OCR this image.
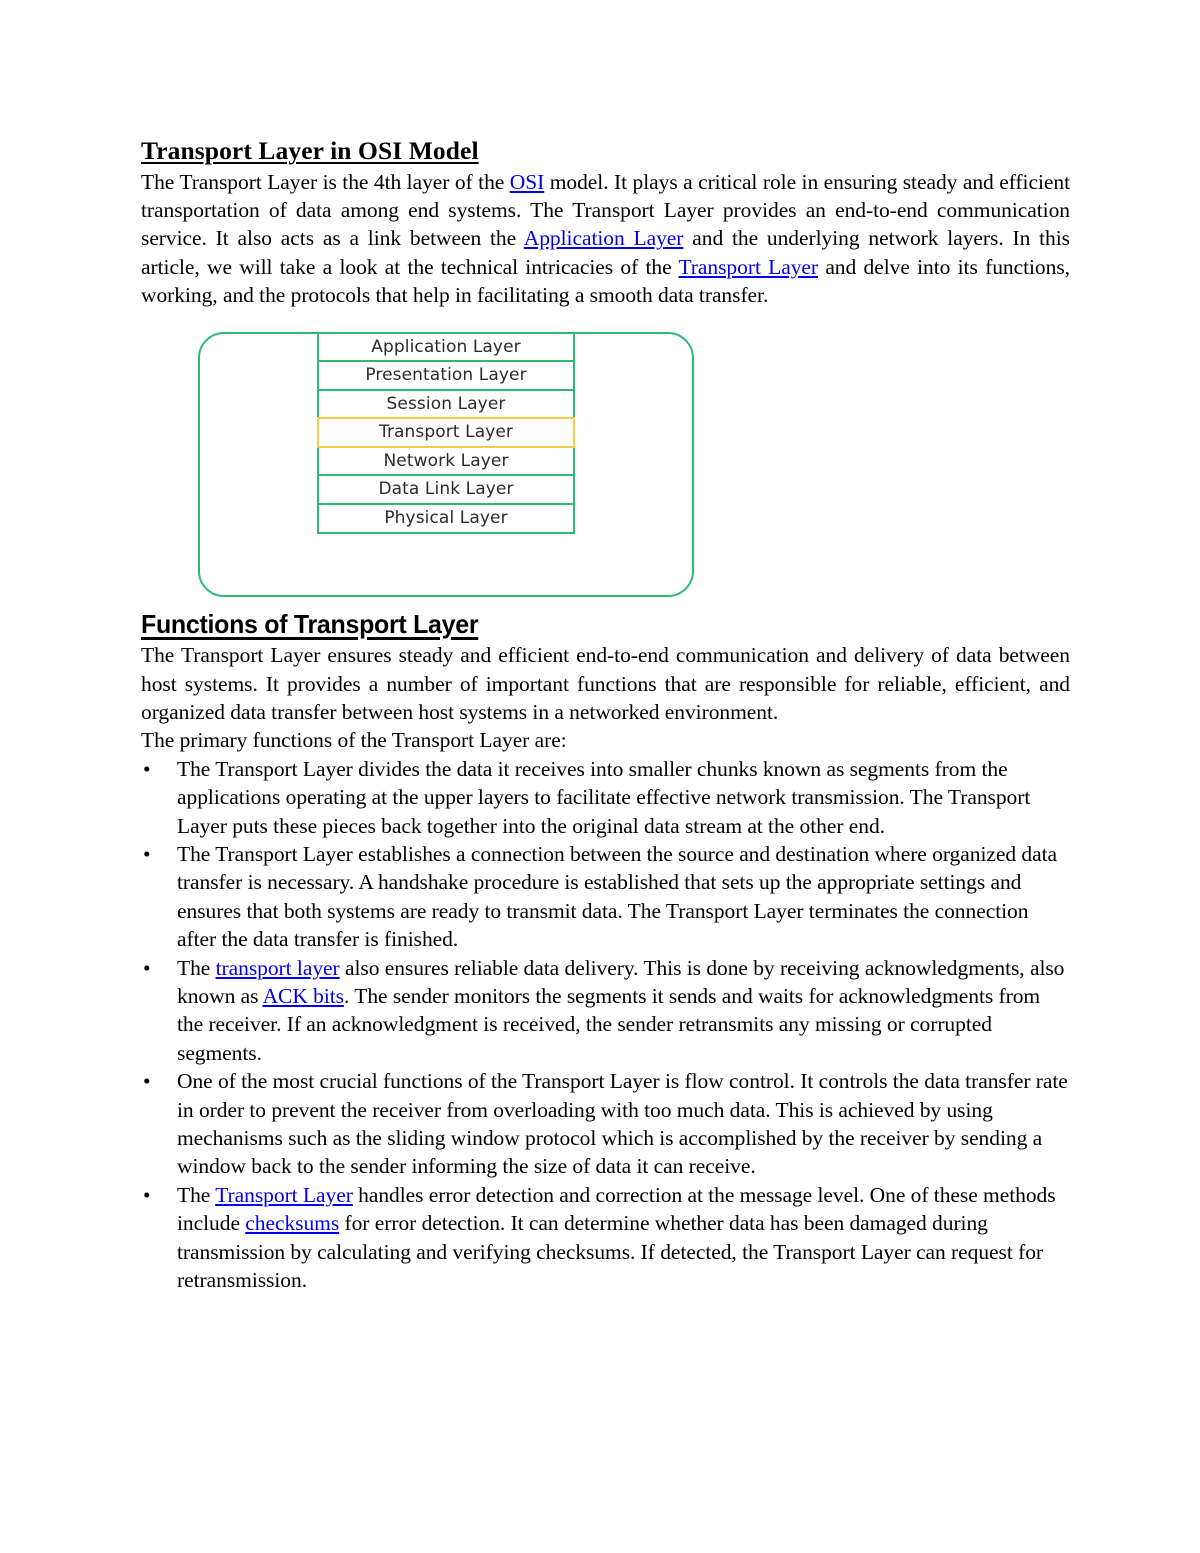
Transport Layer in OSI Model

The Transport Layer is the 4th layer of the OSI model. It plays a critical role in ensuring steady and efficient transportation of data among end systems. The Transport Layer provides an end-to-end communication service. It also acts as a link between the Application Layer and the underlying network layers. In this article, we will take a look at the technical intricacies of the Transport Layer and delve into its functions, working, and the protocols that help in facilitating a smooth data transfer.

Application Layer
Presentation Layer
Session Layer
Transport Layer
Network Layer
Data Link Layer
Physical Layer
Functions of Transport Layer

The Transport Layer ensures steady and efficient end-to-end communication and delivery of data between host systems. It provides a number of important functions that are responsible for reliable, efficient, and organized data transfer between host systems in a networked environment.

The primary functions of the Transport Layer are:

•	The Transport Layer divides the data it receives into smaller chunks known as segments from the applications operating at the upper layers to facilitate effective network transmission. The Transport Layer puts these pieces back together into the original data stream at the other end.
•	The Transport Layer establishes a connection between the source and destination where organized data transfer is necessary. A handshake procedure is established that sets up the appropriate settings and ensures that both systems are ready to transmit data. The Transport Layer terminates the connection after the data transfer is finished.
•	The transport layer also ensures reliable data delivery. This is done by receiving acknowledgments, also known as ACK bits. The sender monitors the segments it sends and waits for acknowledgments from the receiver. If an acknowledgment is received, the sender retransmits any missing or corrupted segments.
•	One of the most crucial functions of the Transport Layer is flow control. It controls the data transfer rate in order to prevent the receiver from overloading with too much data. This is achieved by using mechanisms such as the sliding window protocol which is accomplished by the receiver by sending a window back to the sender informing the size of data it can receive.
•	The Transport Layer handles error detection and correction at the message level. One of these methods include checksums for error detection. It can determine whether data has been damaged during transmission by calculating and verifying checksums. If detected, the Transport Layer can request for retransmission.
